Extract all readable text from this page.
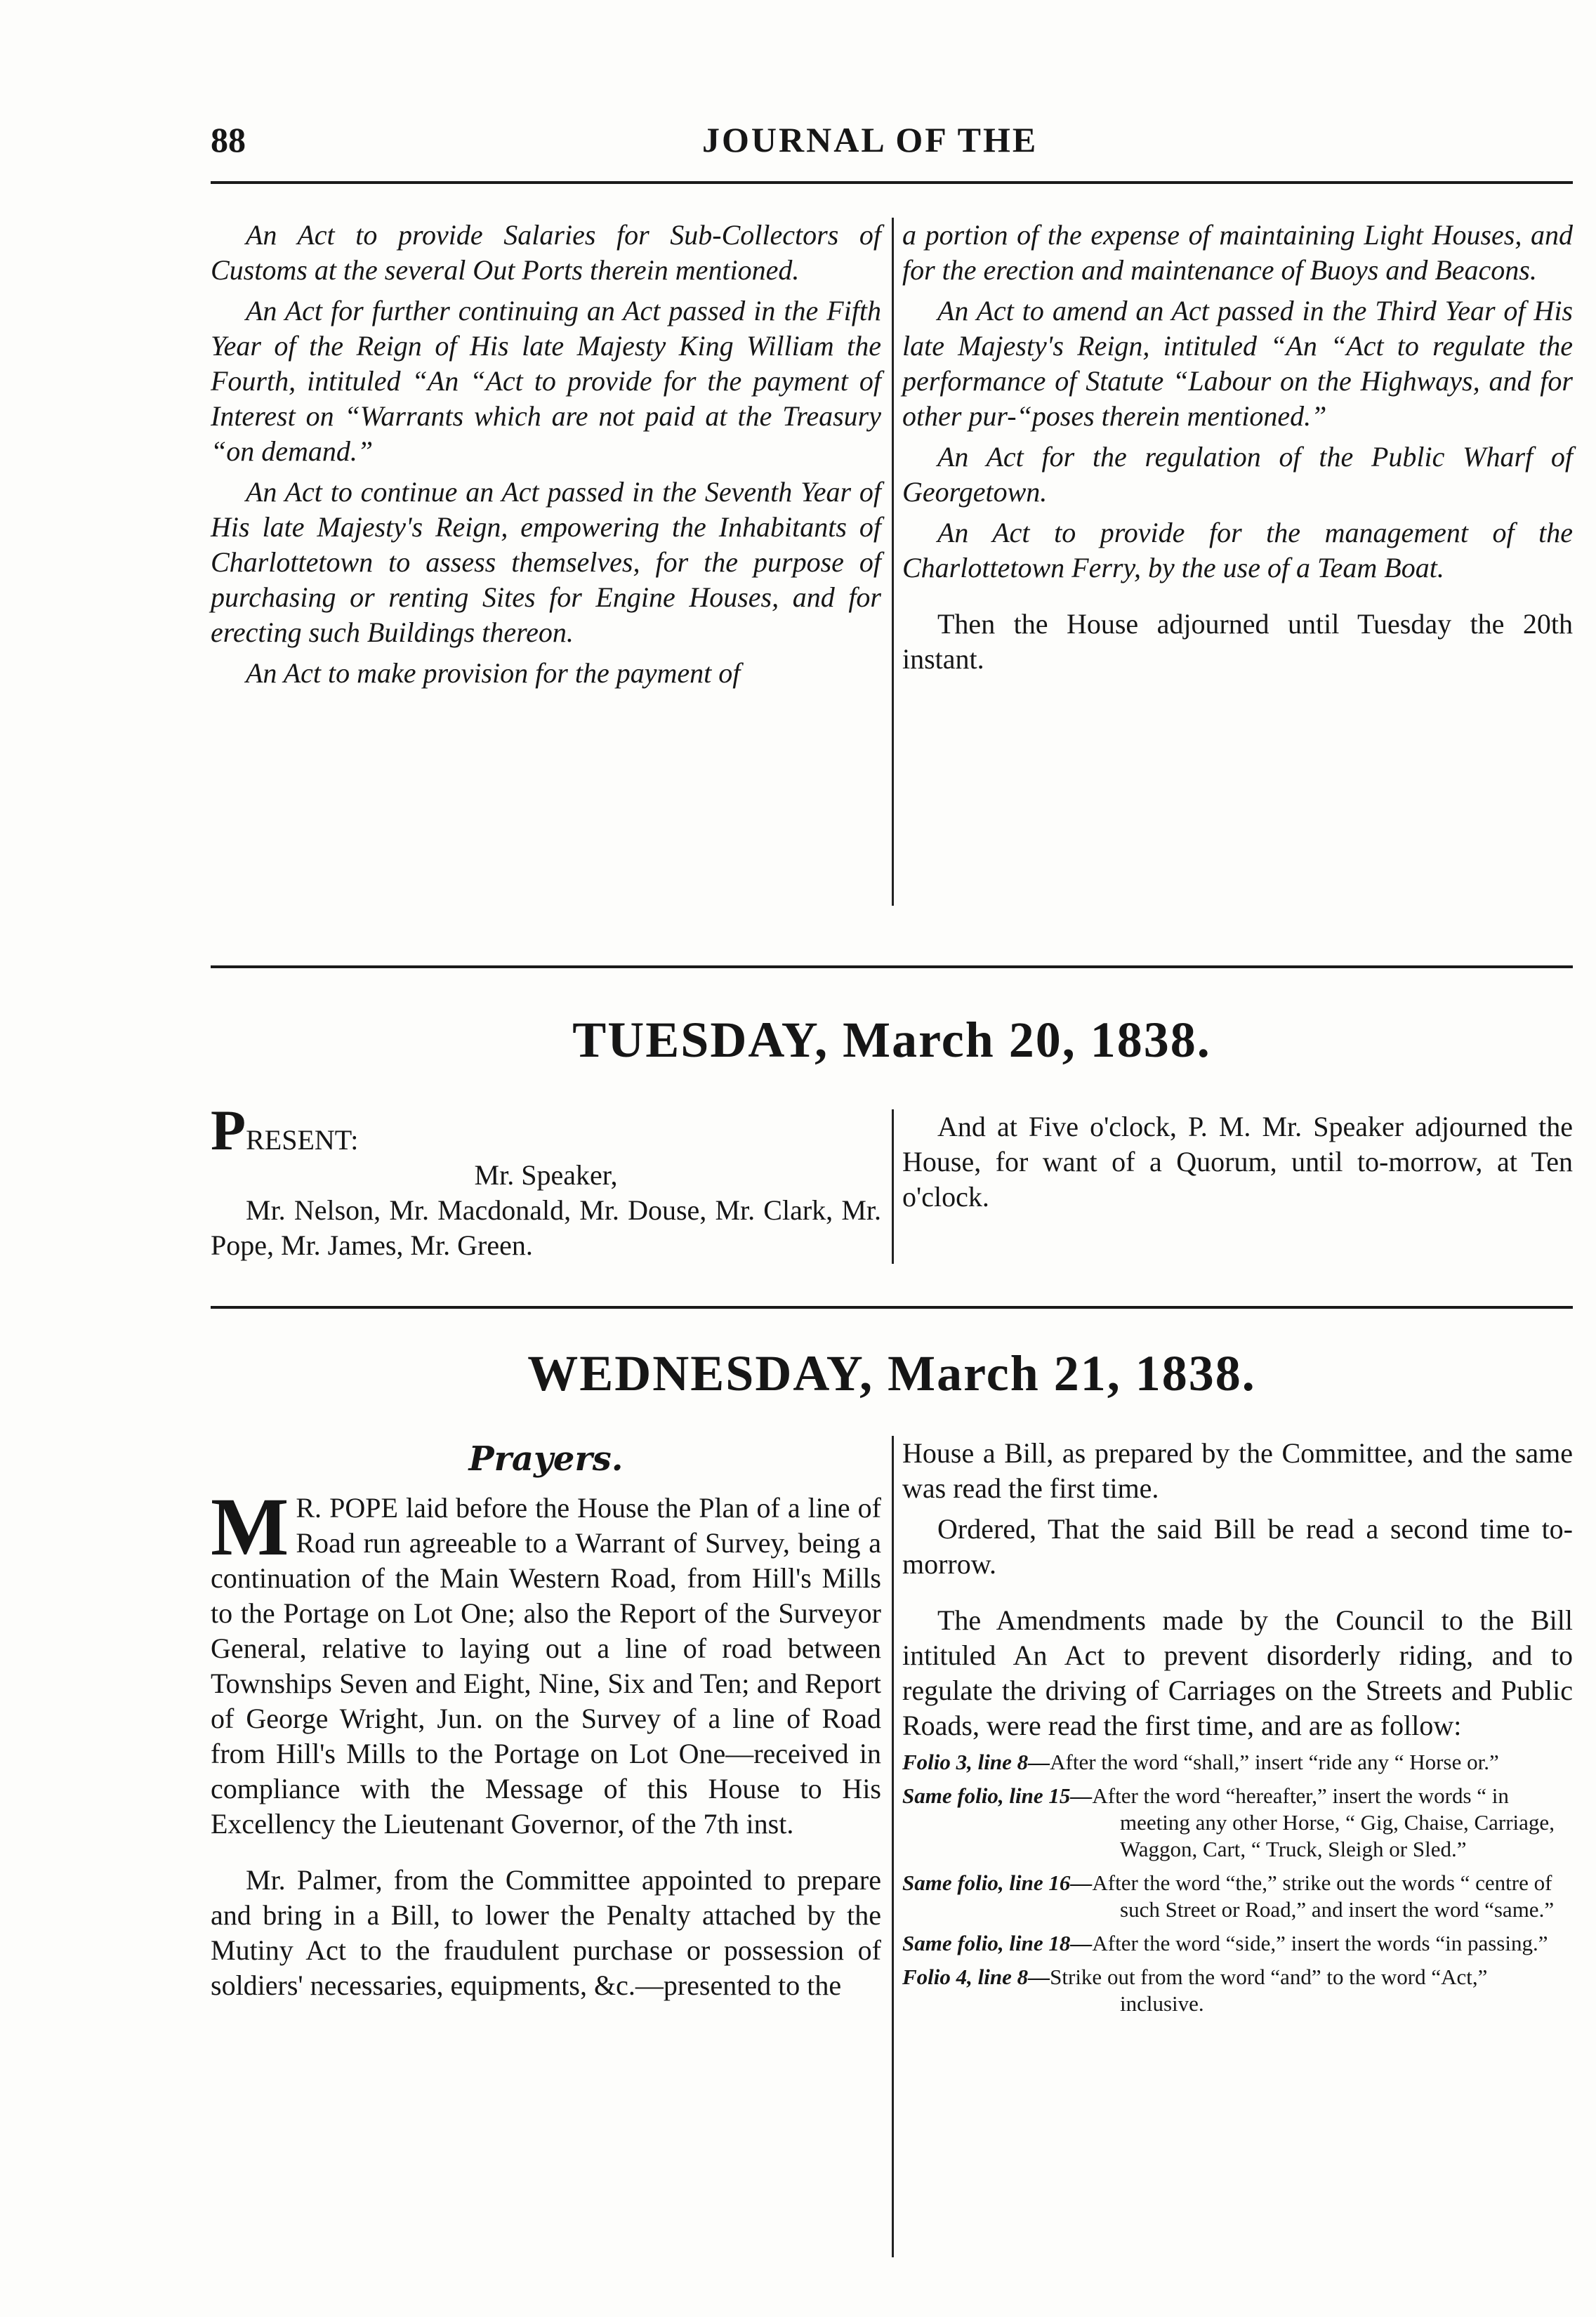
88	JOURNAL OF THE

An Act to provide Salaries for Sub-Collectors of Customs at the several Out Ports therein mentioned.

An Act for further continuing an Act passed in the Fifth Year of the Reign of His late Majesty King William the Fourth, intituled “An “Act to provide for the payment of Interest on “Warrants which are not paid at the Treasury “on demand.”

An Act to continue an Act passed in the Seventh Year of His late Majesty's Reign, empowering the Inhabitants of Charlottetown to assess themselves, for the purpose of purchasing or renting Sites for Engine Houses, and for erecting such Buildings thereon.

An Act to make provision for the payment of

a portion of the expense of maintaining Light Houses, and for the erection and maintenance of Buoys and Beacons.

An Act to amend an Act passed in the Third Year of His late Majesty's Reign, intituled “An “Act to regulate the performance of Statute “Labour on the Highways, and for other pur-“poses therein mentioned.”

An Act for the regulation of the Public Wharf of Georgetown.

An Act to provide for the management of the Charlottetown Ferry, by the use of a Team Boat.

Then the House adjourned until Tuesday the 20th instant.

TUESDAY, March 20, 1838.
PRESENT:
Mr. Speaker,

Mr. Nelson, Mr. Macdonald, Mr. Douse, Mr. Clark, Mr. Pope, Mr. James, Mr. Green.

And at Five o'clock, P. M. Mr. Speaker adjourned the House, for want of a Quorum, until to-morrow, at Ten o'clock.

WEDNESDAY, March 21, 1838.
Prayers.

M R. POPE laid before the House the Plan of a line of Road run agreeable to a Warrant of Survey, being a continuation of the Main Western Road, from Hill's Mills to the Portage on Lot One; also the Report of the Surveyor General, relative to laying out a line of road between Townships Seven and Eight, Nine, Six and Ten; and Report of George Wright, Jun. on the Survey of a line of Road from Hill's Mills to the Portage on Lot One—received in compliance with the Message of this House to His Excellency the Lieutenant Governor, of the 7th inst.

Mr. Palmer, from the Committee appointed to prepare and bring in a Bill, to lower the Penalty attached by the Mutiny Act to the fraudulent purchase or possession of soldiers' necessaries, equipments, &c.—presented to the

House a Bill, as prepared by the Committee, and the same was read the first time.

Ordered, That the said Bill be read a second time to-morrow.

The Amendments made by the Council to the Bill intituled An Act to prevent disorderly riding, and to regulate the driving of Carriages on the Streets and Public Roads, were read the first time, and are as follow:

Folio 3, line 8—After the word “shall,” insert “ride any “ Horse or.”

Same folio, line 15—After the word “hereafter,” insert the words “ in meeting any other Horse, “ Gig, Chaise, Carriage, Waggon, Cart, “ Truck, Sleigh or Sled.”

Same folio, line 16—After the word “the,” strike out the words “ centre of such Street or Road,” and insert the word “same.”

Same folio, line 18—After the word “side,” insert the words “in passing.”

Folio 4, line 8—Strike out from the word “and” to the word “Act,” inclusive.
